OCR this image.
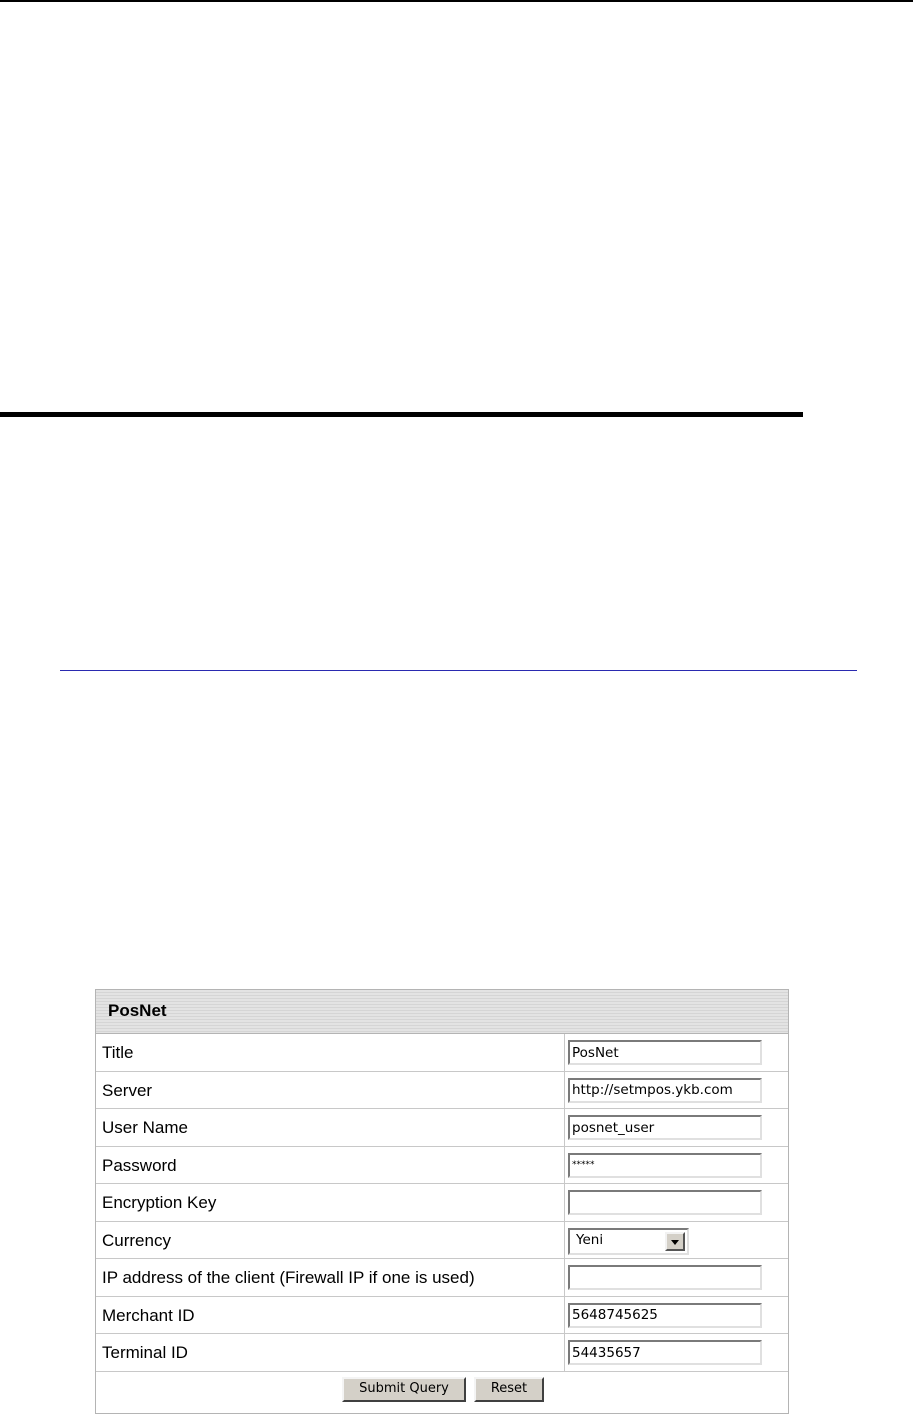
PosNet
Title
PosNet
Server
http://setmpos.ykb.com
User Name
posnet_user
Password
*****
Encryption Key
Currency	Yeni
IP address of the client (Firewall IP if one is used)
Merchant ID
5648745625
Terminal ID
54435657
Submit Query	Reset
